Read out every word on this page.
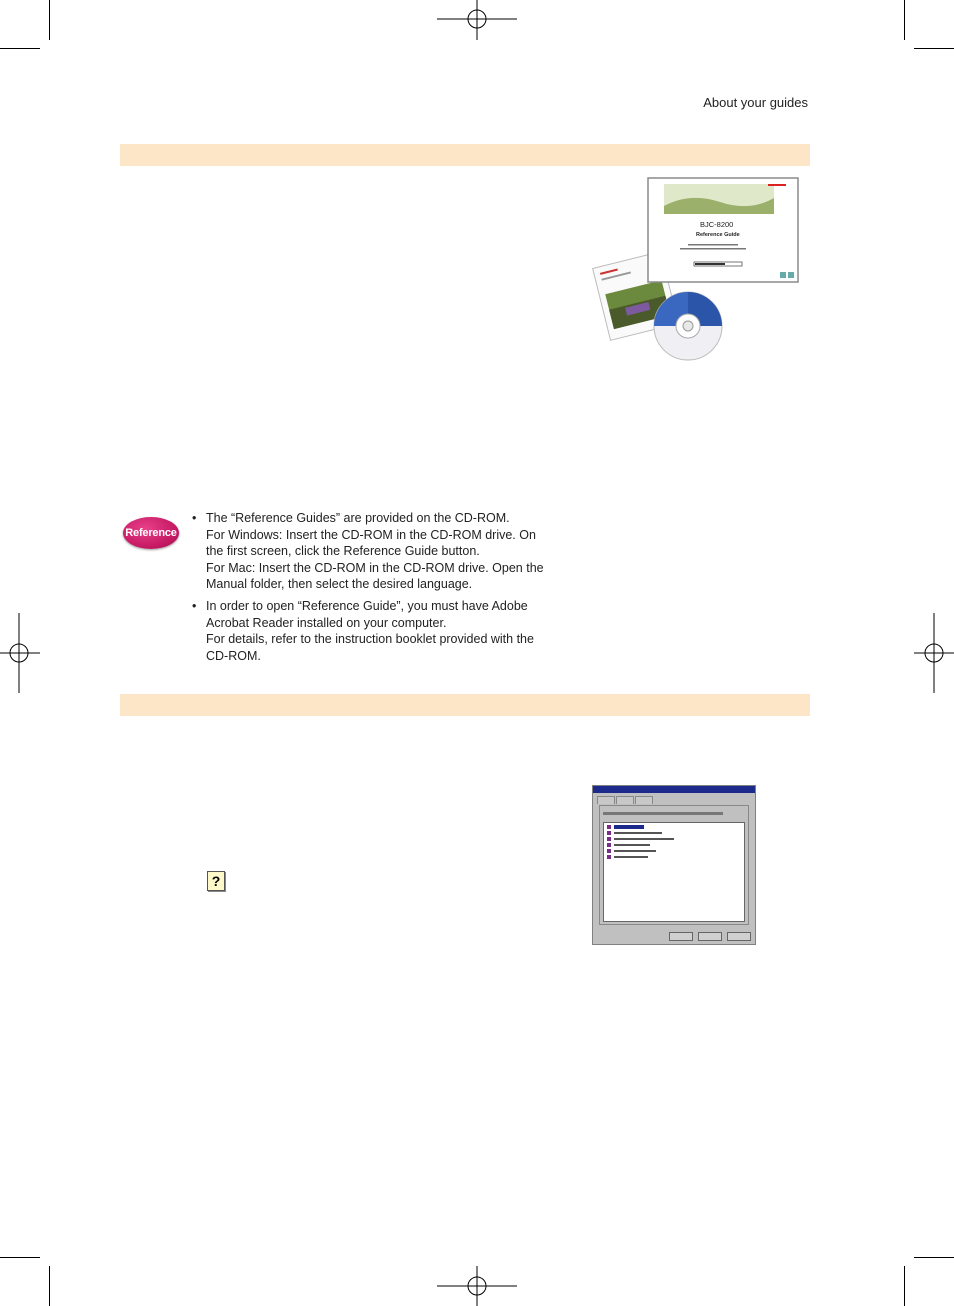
About your guides
BJC-8200
Reference Guide
Reference
• The “Reference Guides” are provided on the CD-ROM.
For Windows: Insert the CD-ROM in the CD-ROM drive. On
the first screen, click the Reference Guide button.
For Mac: Insert the CD-ROM in the CD-ROM drive. Open the
Manual folder, then select the desired language.
• In order to open “Reference Guide”, you must have Adobe
Acrobat Reader installed on your computer.
For details, refer to the instruction booklet provided with the
CD-ROM.
?
